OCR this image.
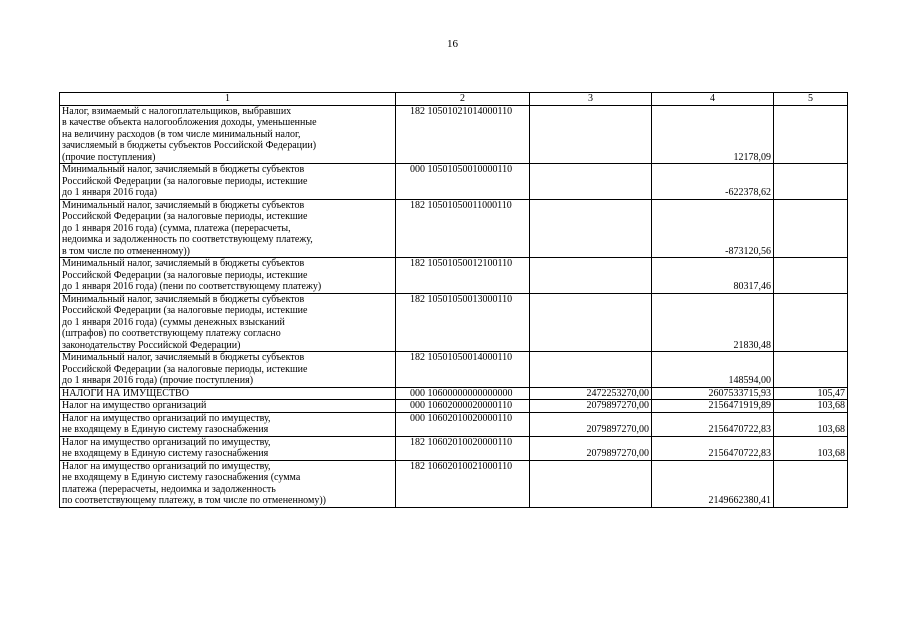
16
1	2	3	4	5

Налог, взимаемый с налогоплательщиков, выбравших
в качестве объекта налогообложения доходы, уменьшенные
на величину расходов (в том числе минимальный налог,
зачисляемый в бюджеты субъектов Российской Федерации)
(прочие поступления)	182 10501021014000110		12178,09	

Минимальный налог, зачисляемый в бюджеты субъектов
Российской Федерации (за налоговые периоды, истекшие
до 1 января 2016 года)	000 10501050010000110		-622378,62	

Минимальный налог, зачисляемый в бюджеты субъектов
Российской Федерации (за налоговые периоды, истекшие
до 1 января 2016 года) (сумма, платежа (перерасчеты,
недоимка и задолженность по соответствующему платежу,
в том числе по отмененному))	182 10501050011000110		-873120,56	

Минимальный налог, зачисляемый в бюджеты субъектов
Российской Федерации (за налоговые периоды, истекшие
до 1 января 2016 года) (пени по соответствующему платежу)	182 10501050012100110		80317,46	

Минимальный налог, зачисляемый в бюджеты субъектов
Российской Федерации (за налоговые периоды, истекшие
до 1 января 2016 года) (суммы денежных взысканий
(штрафов) по соответствующему платежу согласно
законодательству Российской Федерации)	182 10501050013000110		21830,48	

Минимальный налог, зачисляемый в бюджеты субъектов
Российской Федерации (за налоговые периоды, истекшие
до 1 января 2016 года) (прочие поступления)	182 10501050014000110		148594,00	

НАЛОГИ НА ИМУЩЕСТВО	000 10600000000000000	2472253270,00	2607533715,93	105,47

Налог на имущество организаций	000 10602000020000110	2079897270,00	2156471919,89	103,68

Налог на имущество организаций по имуществу,
не входящему в Единую систему газоснабжения	000 10602010020000110	2079897270,00	2156470722,83	103,68

Налог на имущество организаций по имуществу,
не входящему в Единую систему газоснабжения	182 10602010020000110	2079897270,00	2156470722,83	103,68

Налог на имущество организаций по имуществу,
не входящему в Единую систему газоснабжения (сумма
платежа (перерасчеты, недоимка и задолженность
по соответствующему платежу, в том числе по отмененному))	182 10602010021000110		2149662380,41	
